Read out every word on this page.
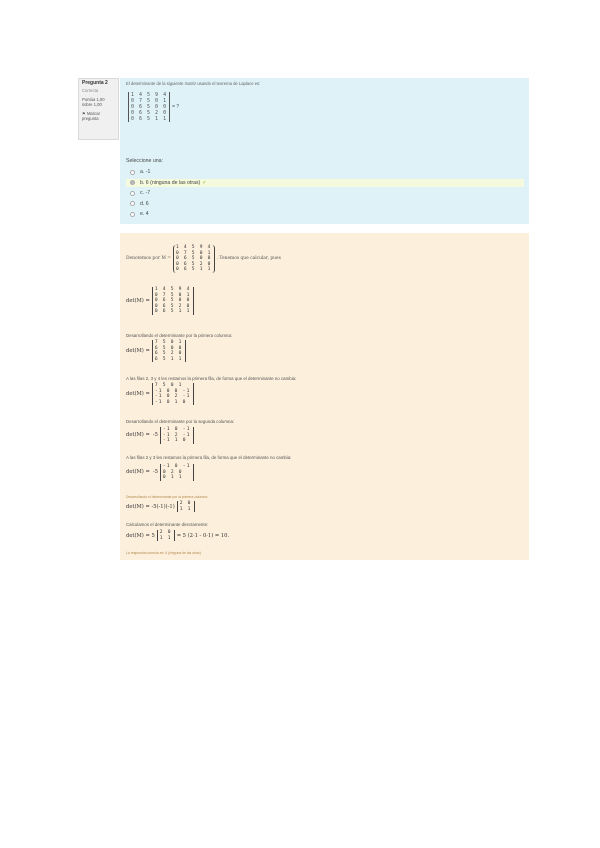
Pregunta 2
Correcta
Puntúa 1,00 sobre 1,00
⚑ Marcar pregunta
El determinante de la siguiente matriz usando el teorema de Laplace es:
1 4 5 9 4
0 7 5 0 1
0 6 5 0 0
0 6 5 2 0
0 6 5 1 1
= ?
Seleccione una:
a.
-1
b.
6 (ninguna de las otras) ✓
c.
-7
d.
6
e.
4
Denotemos por M =
1 4 5 9 4
0 7 5 0 1
0 6 5 0 0
0 6 5 2 0
0 6 5 1 1
. Tenemos que calcular, pues
det(M) =
1 4 5 9 4
0 7 5 0 1
0 6 5 0 0
0 6 5 2 0
0 6 5 1 1
Desarrollando el determinante por la primera columna:
det(M) =
7 5 0 1
6 5 0 0
6 5 2 0
6 5 1 1
A las filas 2, 3 y 4 les restamos la primera fila, de forma que el determinante no cambia:
det(M) =
7 5 0 1
-1 0 0 -1
-1 0 2 -1
-1 0 1 0
Desarrollando el determinante por la segunda columna:
det(M) = -5
-1 0 -1
-1 2 -1
-1 1 0
A las filas 2 y 3 les restamos la primera fila, de forma que el determinante no cambia:
det(M) = -5
-1 0 -1
0 2 0
0 1 1
Desarrollando el determinante por la primera columna:
det(M) = -5(-1)(-1)
2 0
1 1
Calculamos el determinante directamente:
det(M) = 5
2 0
1 1 = 5 (2·1 - 0·1) = 10.
La respuesta correcta es: 6 (ninguna de las otras)
